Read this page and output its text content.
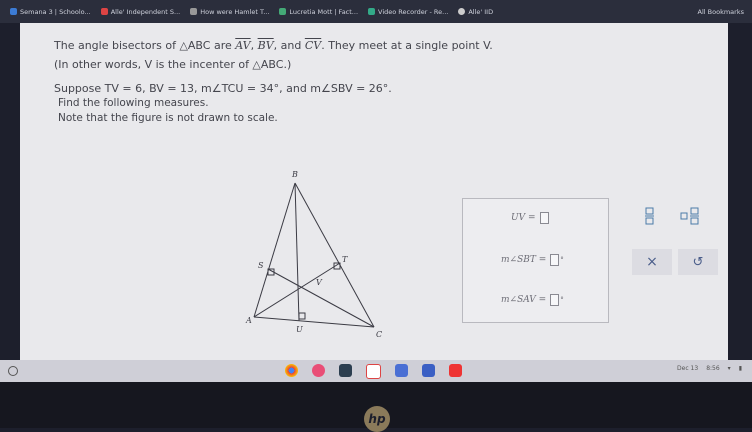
Semana 3 | Schoolo...	Alle' Independent S...	How were Hamlet T...	Lucretia Mott | Fact...	Video Recorder - Re...	Alle' IID	All Bookmarks
The angle bisectors of △ABC are $\overline{AV}$, $\overline{BV}$, and $\overline{CV}$. They meet at a single point V.
(In other words, V is the incenter of △ABC.)
Suppose TV = 6, BV = 13, m∠TCU = 34°, and m∠SBV = 26°.
Find the following measures.
Note that the figure is not drawn to scale.
B
S
T
V
A
U
C
UV =
m∠SBT = °
m∠SAV = °
×	↺
Dec 13 8:56 ▾ ▮
hp
